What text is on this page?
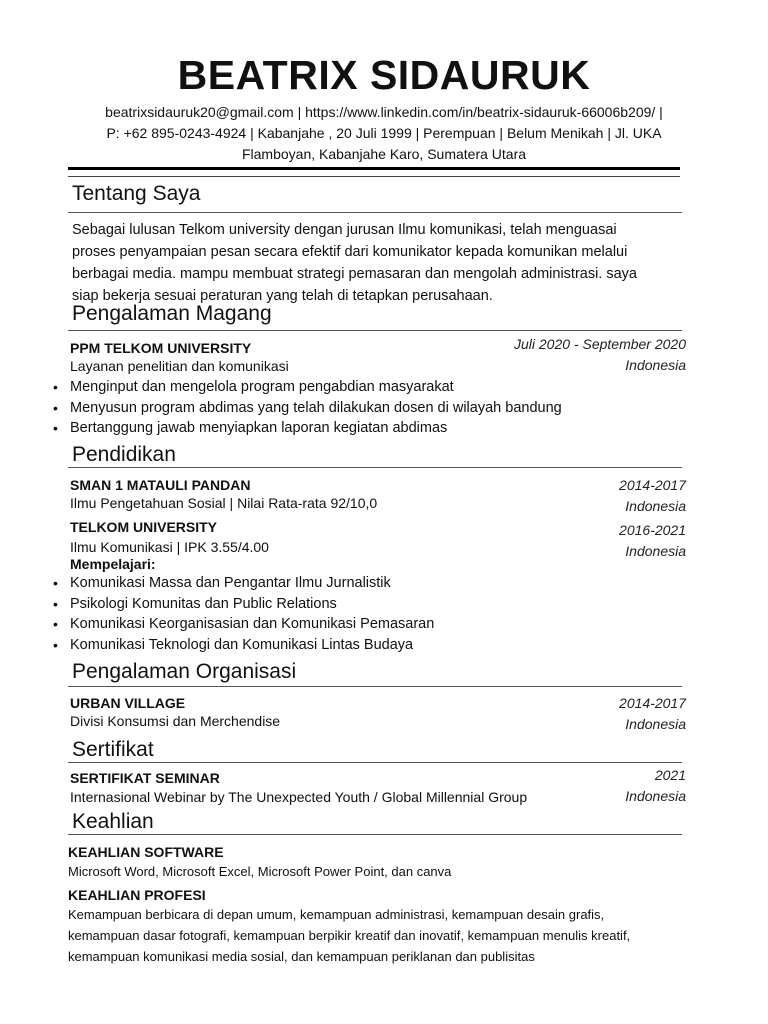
BEATRIX SIDAURUK
beatrixsidauruk20@gmail.com | https://www.linkedin.com/in/beatrix-sidauruk-66006b209/ |
P: +62 895-0243-4924 | Kabanjahe , 20 Juli 1999 | Perempuan | Belum Menikah | Jl. UKA
Flamboyan, Kabanjahe Karo, Sumatera Utara
Tentang Saya
Sebagai lulusan Telkom university dengan jurusan Ilmu komunikasi, telah menguasai
proses penyampaian pesan secara efektif dari komunikator kepada komunikan melalui
berbagai media. mampu membuat strategi pemasaran dan mengolah administrasi. saya
siap bekerja sesuai peraturan yang telah di tetapkan perusahaan.
Pengalaman Magang
PPM TELKOM UNIVERSITY
Layanan penelitian dan komunikasi
Juli 2020 - September 2020
Indonesia
• Menginput dan mengelola program pengabdian masyarakat
• Menyusun program abdimas yang telah dilakukan dosen di wilayah bandung
• Bertanggung jawab menyiapkan laporan kegiatan abdimas
Pendidikan
SMAN 1 MATAULI PANDAN
Ilmu Pengetahuan Sosial | Nilai Rata-rata 92/10,0
2014-2017
Indonesia
TELKOM UNIVERSITY
Ilmu Komunikasi | IPK 3.55/4.00
2016-2021
Indonesia
Mempelajari:
• Komunikasi Massa dan Pengantar Ilmu Jurnalistik
• Psikologi Komunitas dan Public Relations
• Komunikasi Keorganisasian dan Komunikasi Pemasaran
• Komunikasi Teknologi dan Komunikasi Lintas Budaya
Pengalaman Organisasi
URBAN VILLAGE
Divisi Konsumsi dan Merchendise
2014-2017
Indonesia
Sertifikat
SERTIFIKAT SEMINAR
Internasional Webinar by The Unexpected Youth / Global Millennial Group
2021
Indonesia
Keahlian
KEAHLIAN SOFTWARE
Microsoft Word, Microsoft Excel, Microsoft Power Point, dan canva
KEAHLIAN PROFESI
Kemampuan berbicara di depan umum, kemampuan administrasi, kemampuan desain grafis,
kemampuan dasar fotografi, kemampuan berpikir kreatif dan inovatif, kemampuan menulis kreatif,
kemampuan komunikasi media sosial, dan kemampuan periklanan dan publisitas
